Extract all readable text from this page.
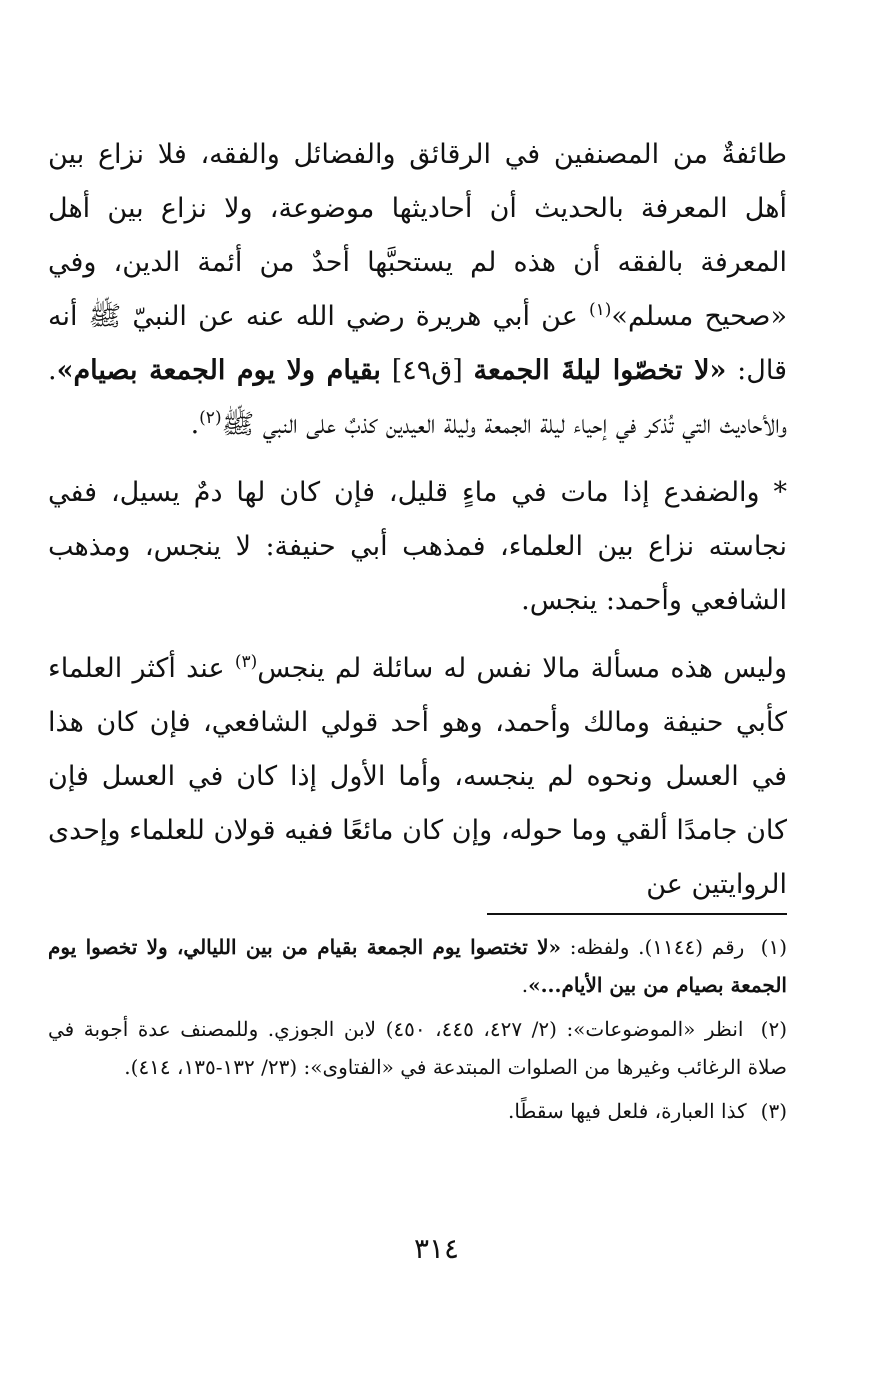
طائفةٌ من المصنفين في الرقائق والفضائل والفقه، فلا نزاع بين أهل المعرفة بالحديث أن أحاديثها موضوعة، ولا نزاع بين أهل المعرفة بالفقه أن هذه لم يستحبَّها أحدٌ من أئمة الدين، وفي «صحيح مسلم»$^{(١)}$ عن أبي هريرة رضي الله عنه عن النبيّ ﷺ أنه قال: «لا تخصّوا ليلةَ الجمعة [ق٤٩] بقيام ولا يوم الجمعة بصيام». والأحاديث التي تُذكر في إحياء ليلة الجمعة وليلة العيدين كذبٌ على النبي ﷺ$^{(٢)}$.

* والضفدع إذا مات في ماءٍ قليل، فإن كان لها دمٌ يسيل، ففي نجاسته نزاع بين العلماء، فمذهب أبي حنيفة: لا ينجس، ومذهب الشافعي وأحمد: ينجس.

وليس هذه مسألة مالا نفس له سائلة لم ينجس$^{(٣)}$ عند أكثر العلماء كأبي حنيفة ومالك وأحمد، وهو أحد قولي الشافعي، فإن كان هذا في العسل ونحوه لم ينجسه، وأما الأول إذا كان في العسل فإن كان جامدًا ألقي وما حوله، وإن كان مائعًا ففيه قولان للعلماء وإحدى الروايتين عن

(١) رقم (١١٤٤). ولفظه: «لا تختصوا يوم الجمعة بقيام من بين الليالي، ولا تخصوا يوم الجمعة بصيام من بين الأيام...».

(٢) انظر «الموضوعات»: (٢/ ٤٢٧، ٤٤٥، ٤٥٠) لابن الجوزي. وللمصنف عدة أجوبة في صلاة الرغائب وغيرها من الصلوات المبتدعة في «الفتاوى»: (٢٣/ ١٣٢-١٣٥، ٤١٤).

(٣) كذا العبارة، فلعل فيها سقطًا.

٣١٤
